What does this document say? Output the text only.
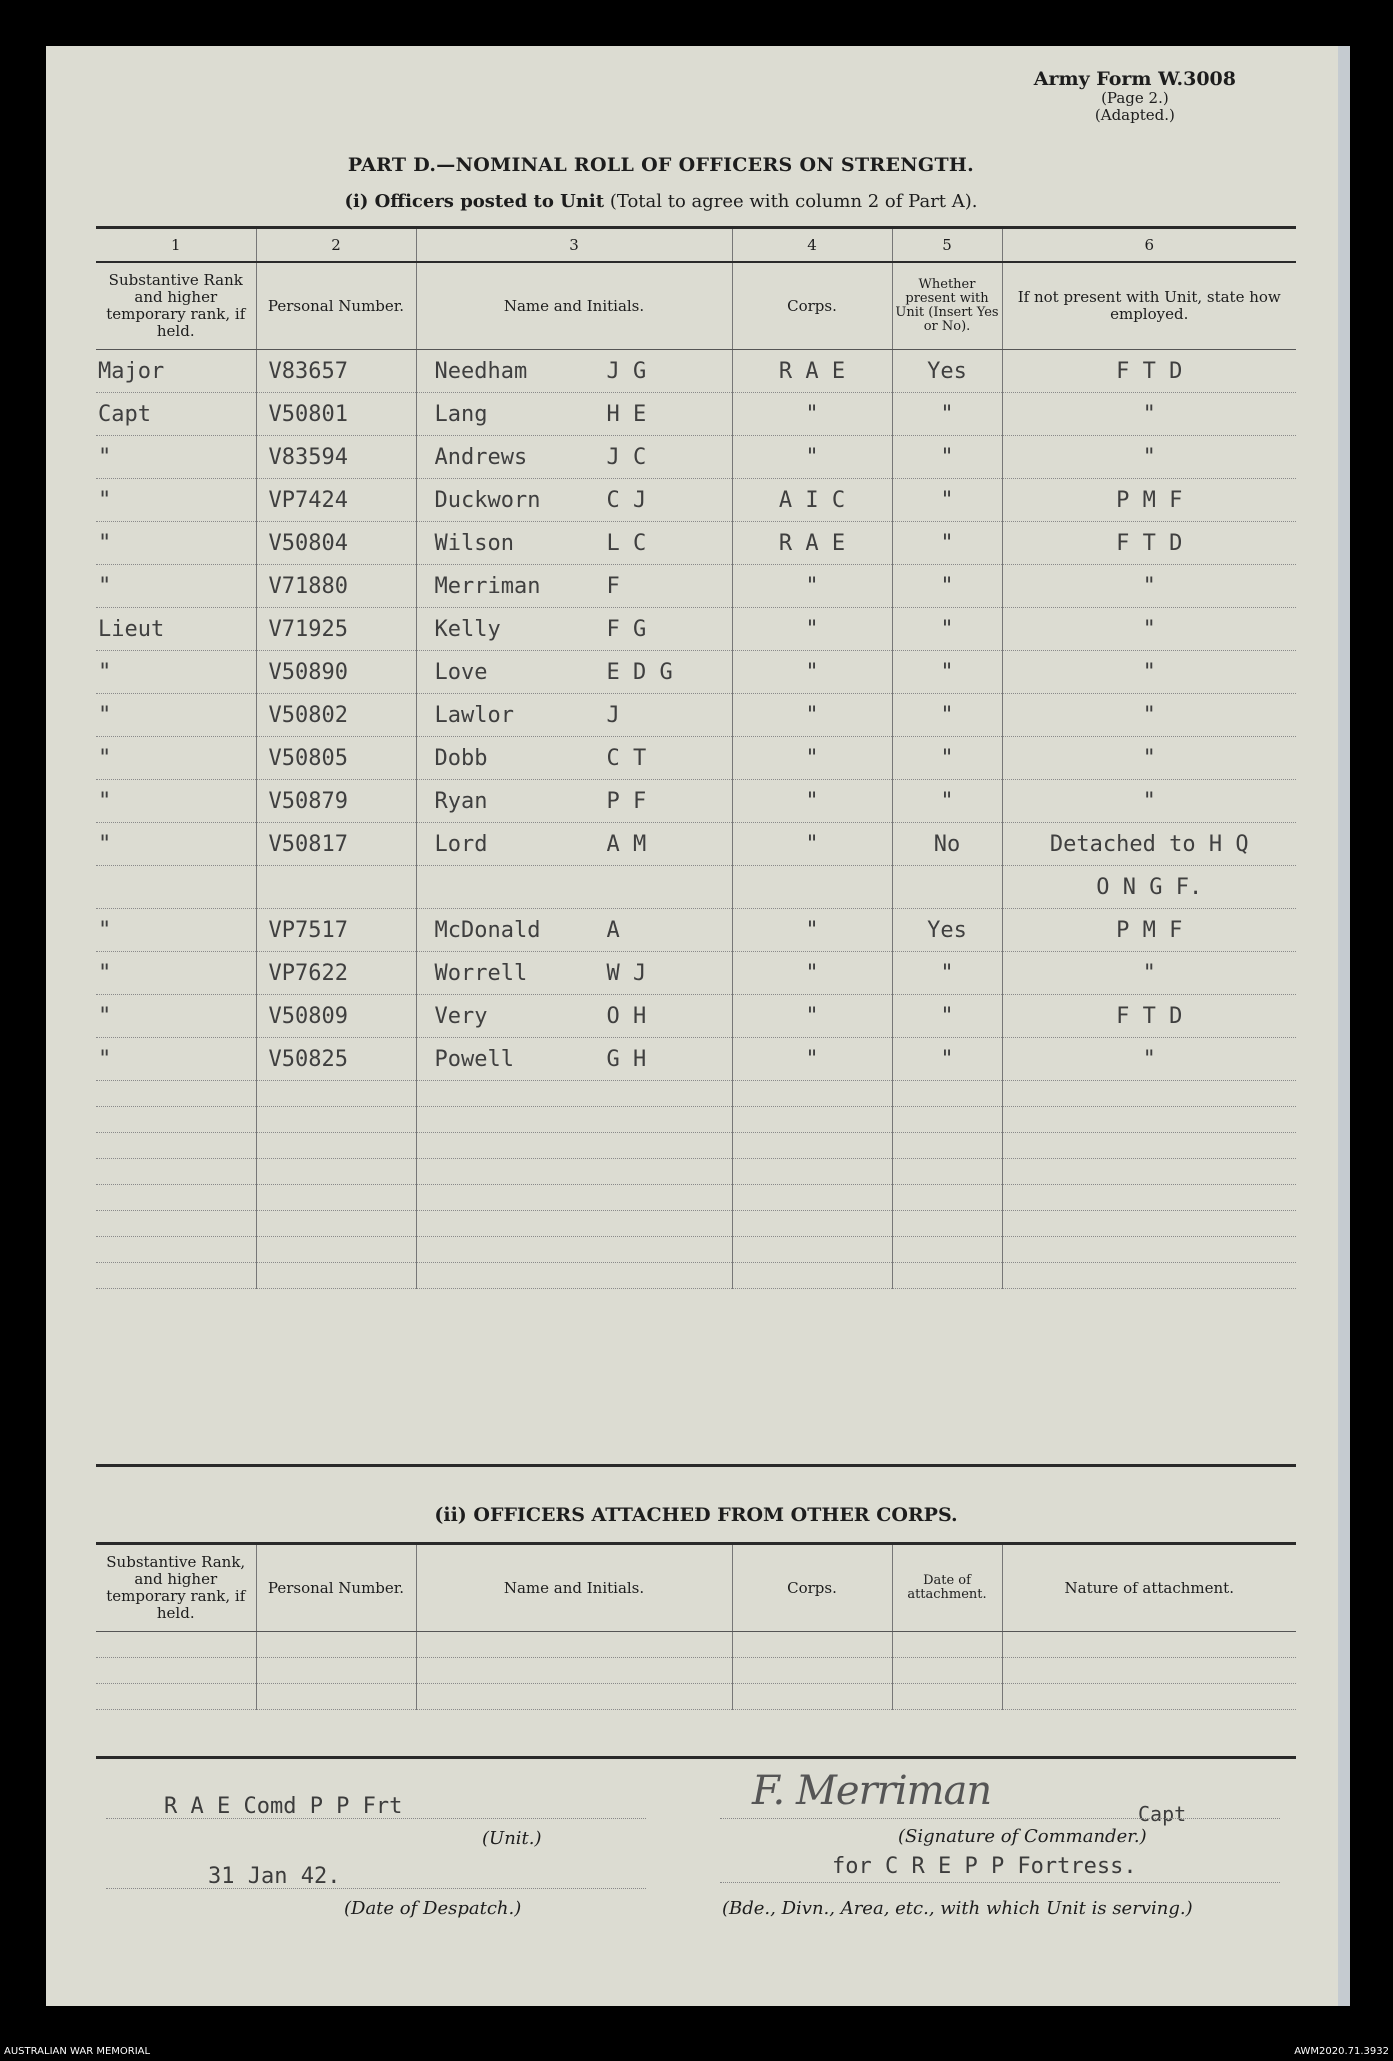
Army Form W.3008
(Page 2.)
(Adapted.)
PART D.—NOMINAL ROLL OF OFFICERS ON STRENGTH.
(i) Officers posted to Unit (Total to agree with column 2 of Part A).
1	2	3	4	5	6
Substantive Rank and higher temporary rank, if held.	Personal Number.	Name and Initials.	Corps.	Whether present with Unit (Insert Yes or No).	If not present with Unit, state how employed.
Major	V83657	Needham J G	R A E	Yes	F T D
Capt	V50801	Lang H E	"	"	"
"	V83594	Andrews J C	"	"	"
"	VP7424	Duckworn C J	A I C	"	P M F
"	V50804	Wilson L C	R A E	"	F T D
"	V71880	Merriman F	"	"	"
Lieut	V71925	Kelly F G	"	"	"
"	V50890	Love E D G	"	"	"
"	V50802	Lawlor J	"	"	"
"	V50805	Dobb C T	"	"	"
"	V50879	Ryan P F	"	"	"
"	V50817	Lord A M	"	No	Detached to H Q

			O N G F.
"	VP7517	McDonald A	"	Yes	P M F
"	VP7622	Worrell W J	"	"	"
"	V50809	Very O H	"	"	F T D
"	V50825	Powell G H	"	"	"

(ii) OFFICERS ATTACHED FROM OTHER CORPS.
Substantive Rank, and higher temporary rank, if held.	Personal Number.	Name and Initials.	Corps.	Date of attachment.	Nature of attachment.

R A E Comd P P Frt
(Unit.)
31 Jan 42.
(Date of Despatch.)
F. Merriman	Capt
(Signature of Commander.)
for C R E P P Fortress.
(Bde., Divn., Area, etc., with which Unit is serving.)
AUSTRALIAN WAR MEMORIAL	AWM2020.71.3932
